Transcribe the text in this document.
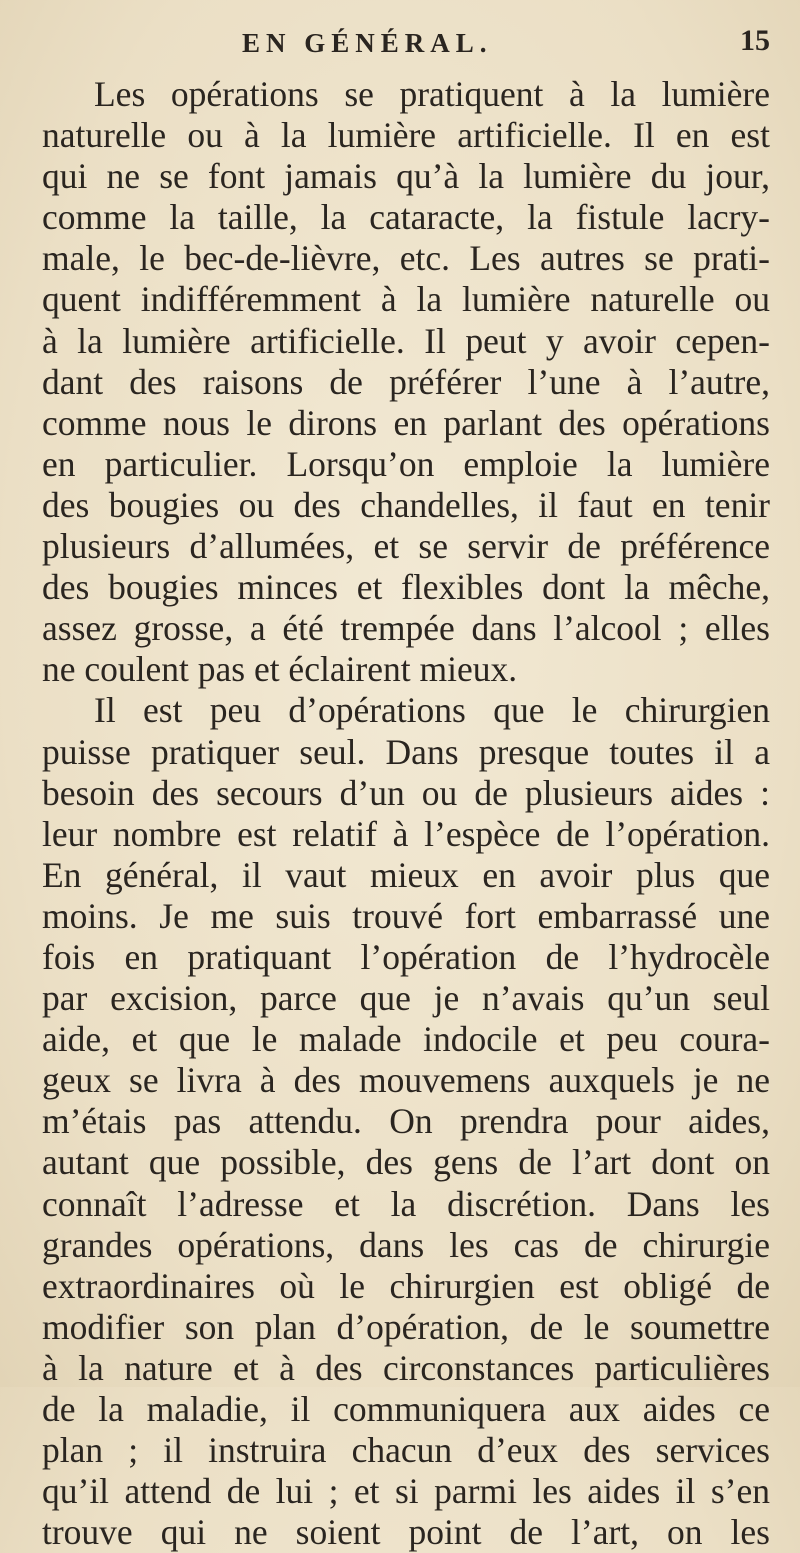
EN GÉNÉRAL.	15
Les opérations se pratiquent à la lumière
naturelle ou à la lumière artificielle. Il en est
qui ne se font jamais qu’à la lumière du jour,
comme la taille, la cataracte, la fistule lacry-
male, le bec-de-lièvre, etc. Les autres se prati-
quent indifféremment à la lumière naturelle ou
à la lumière artificielle. Il peut y avoir cepen-
dant des raisons de préférer l’une à l’autre,
comme nous le dirons en parlant des opérations
en particulier. Lorsqu’on emploie la lumière
des bougies ou des chandelles, il faut en tenir
plusieurs d’allumées, et se servir de préférence
des bougies minces et flexibles dont la mêche,
assez grosse, a été trempée dans l’alcool ; elles
ne coulent pas et éclairent mieux.
Il est peu d’opérations que le chirurgien
puisse pratiquer seul. Dans presque toutes il a
besoin des secours d’un ou de plusieurs aides :
leur nombre est relatif à l’espèce de l’opération.
En général, il vaut mieux en avoir plus que
moins. Je me suis trouvé fort embarrassé une
fois en pratiquant l’opération de l’hydrocèle
par excision, parce que je n’avais qu’un seul
aide, et que le malade indocile et peu coura-
geux se livra à des mouvemens auxquels je ne
m’étais pas attendu. On prendra pour aides,
autant que possible, des gens de l’art dont on
connaît l’adresse et la discrétion. Dans les
grandes opérations, dans les cas de chirurgie
extraordinaires où le chirurgien est obligé de
modifier son plan d’opération, de le soumettre
à la nature et à des circonstances particulières
de la maladie, il communiquera aux aides ce
plan ; il instruira chacun d’eux des services
qu’il attend de lui ; et si parmi les aides il s’en
trouve qui ne soient point de l’art, on les
